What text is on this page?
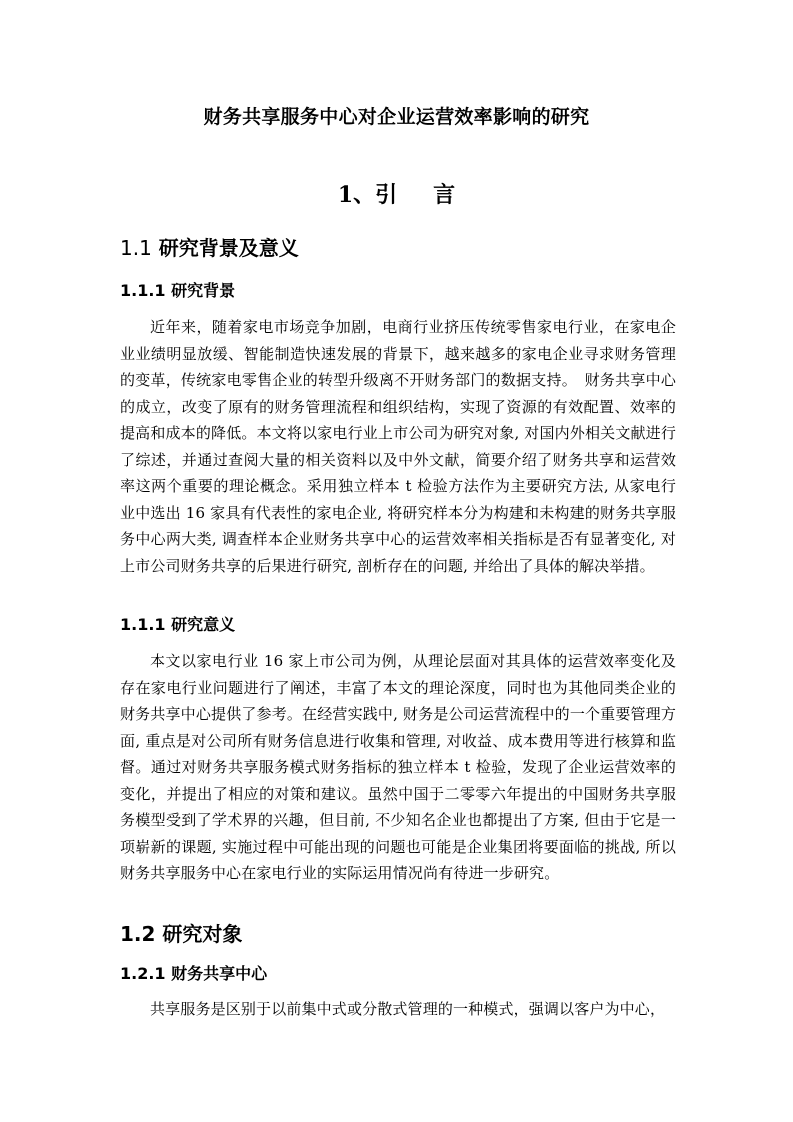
财务共享服务中心对企业运营效率影响的研究
1、引 言
1.1 研究背景及意义
1.1.1 研究背景
近年来，随着家电市场竞争加剧，电商行业挤压传统零售家电行业，在家电企业业绩明显放缓、智能制造快速发展的背景下，越来越多的家电企业寻求财务管理的变革，传统家电零售企业的转型升级离不开财务部门的数据支持。　财务共享中心的成立，改变了原有的财务管理流程和组织结构，实现了资源的有效配置、效率的提高和成本的降低。本文将以家电行业上市公司为研究对象, 对国内外相关文献进行了综述，并通过查阅大量的相关资料以及中外文献，简要介绍了财务共享和运营效率这两个重要的理论概念。采用独立样本 t 检验方法作为主要研究方法, 从家电行业中选出 16 家具有代表性的家电企业, 将研究样本分为构建和未构建的财务共享服务中心两大类, 调查样本企业财务共享中心的运营效率相关指标是否有显著变化, 对上市公司财务共享的后果进行研究, 剖析存在的问题, 并给出了具体的解决举措。
1.1.1 研究意义
本文以家电行业 16 家上市公司为例，从理论层面对其具体的运营效率变化及存在家电行业问题进行了阐述，丰富了本文的理论深度，同时也为其他同类企业的财务共享中心提供了参考。在经营实践中, 财务是公司运营流程中的一个重要管理方面, 重点是对公司所有财务信息进行收集和管理, 对收益、成本费用等进行核算和监督。通过对财务共享服务模式财务指标的独立样本 t 检验，发现了企业运营效率的变化，并提出了相应的对策和建议。虽然中国于二零零六年提出的中国财务共享服务模型受到了学术界的兴趣，但目前, 不少知名企业也都提出了方案, 但由于它是一项崭新的课题, 实施过程中可能出现的问题也可能是企业集团将要面临的挑战, 所以财务共享服务中心在家电行业的实际运用情况尚有待进一步研究。
1.2 研究对象
1.2.1 财务共享中心
共享服务是区别于以前集中式或分散式管理的一种模式，强调以客户为中心，
